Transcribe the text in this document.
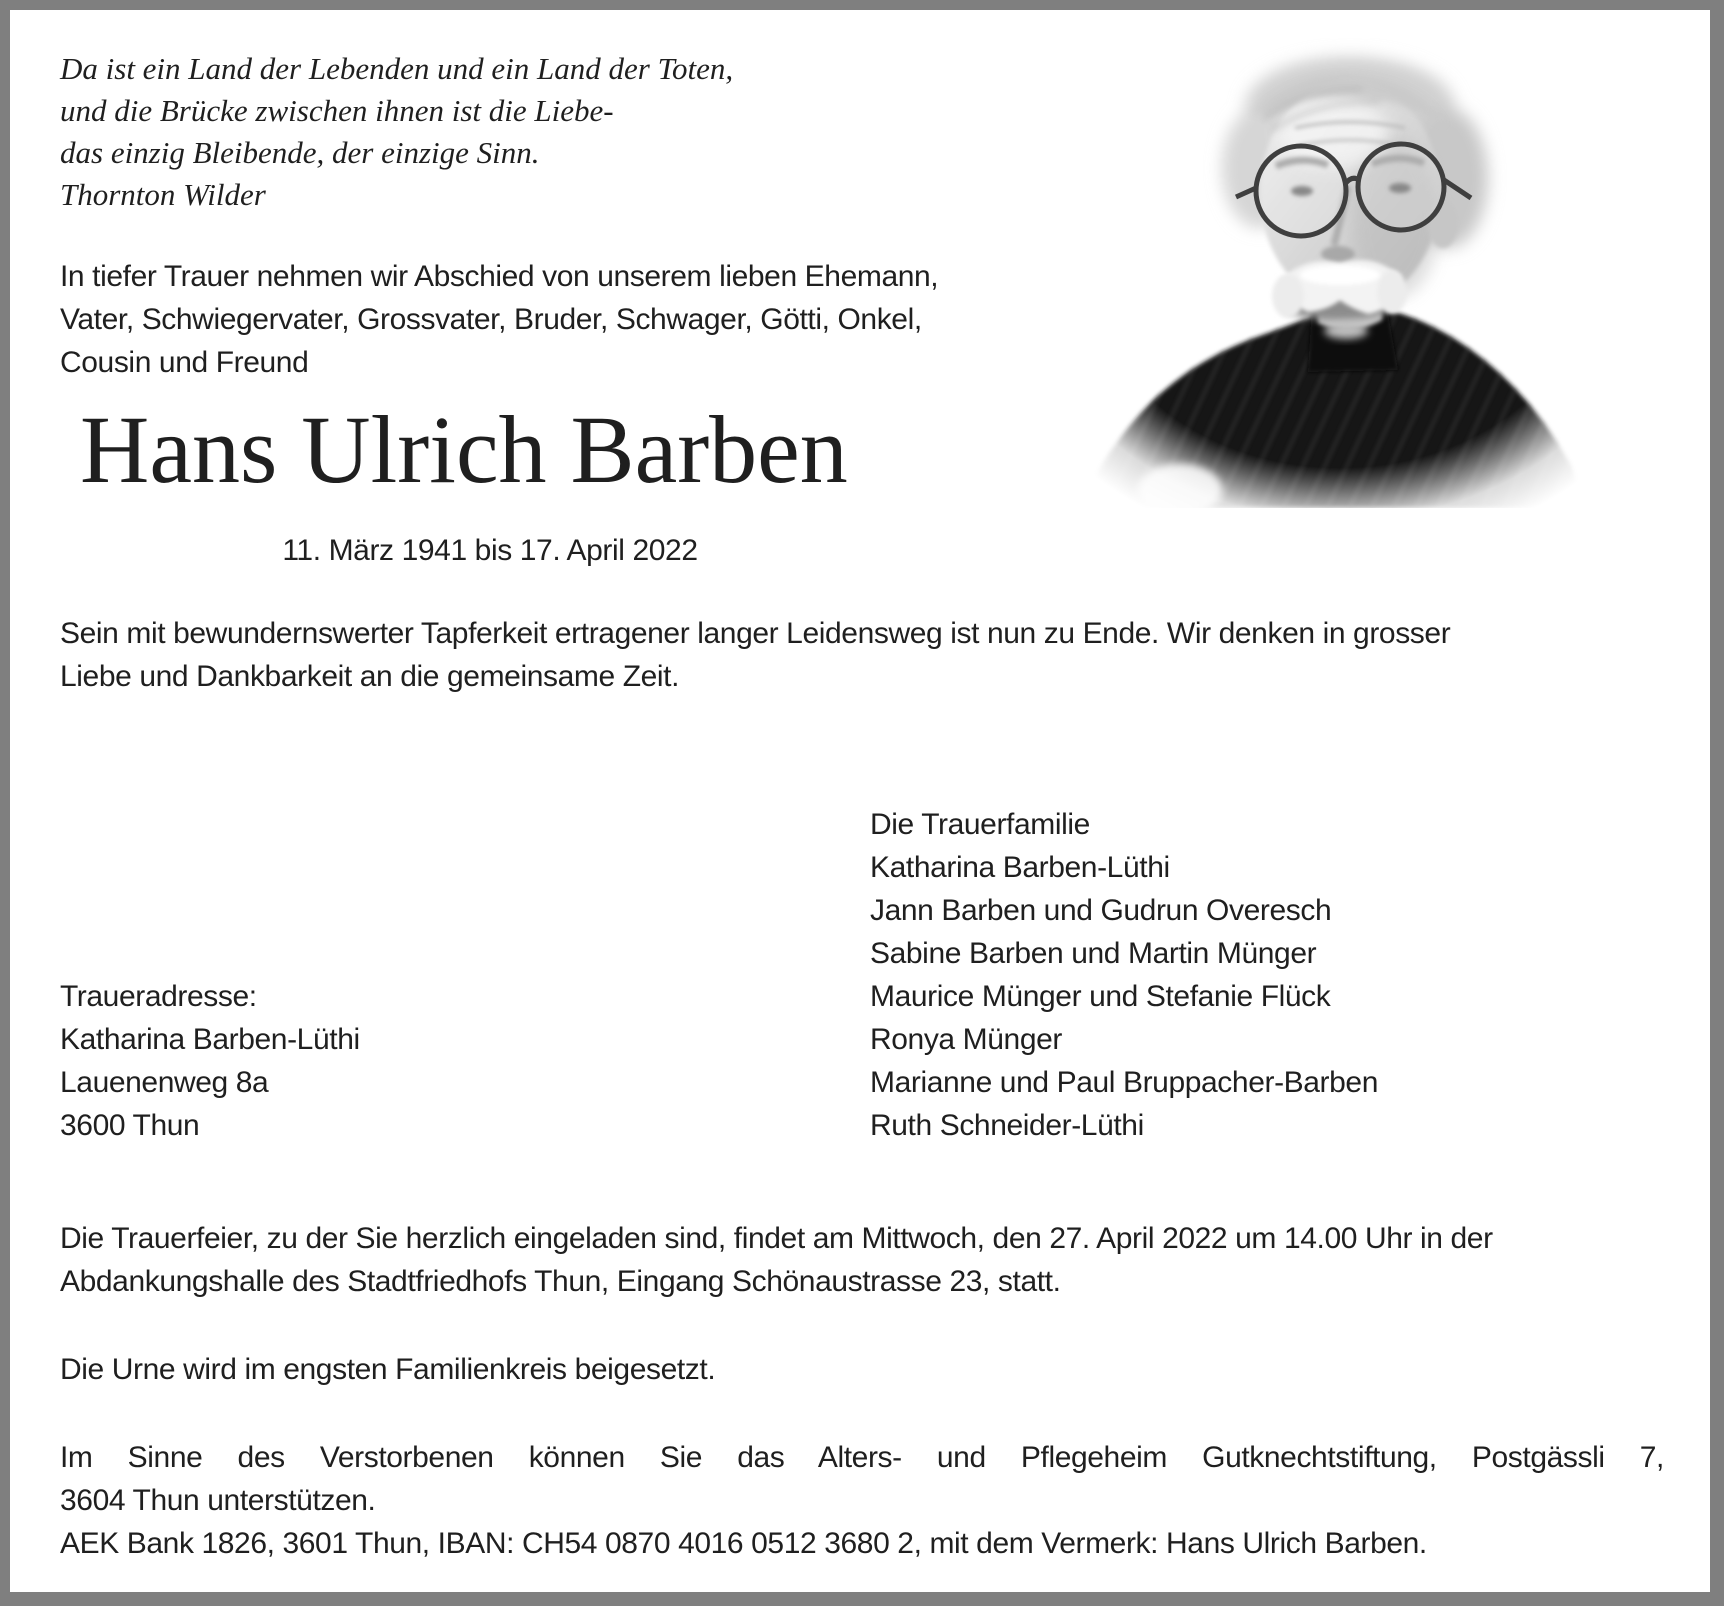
Da ist ein Land der Lebenden und ein Land der Toten,
und die Brücke zwischen ihnen ist die Liebe-
das einzig Bleibende, der einzige Sinn.
Thornton Wilder
In tiefer Trauer nehmen wir Abschied von unserem lieben Ehemann,
Vater, Schwiegervater, Grossvater, Bruder, Schwager, Götti, Onkel,
Cousin und Freund
Hans Ulrich Barben
11. März 1941 bis 17. April 2022
Sein mit bewundernswerter Tapferkeit ertragener langer Leidensweg ist nun zu Ende. Wir denken in grosser
Liebe und Dankbarkeit an die gemeinsame Zeit.
Traueradresse:
Katharina Barben-Lüthi
Lauenenweg 8a
3600 Thun
Die Trauerfamilie
Katharina Barben-Lüthi
Jann Barben und Gudrun Overesch
Sabine Barben und Martin Münger
Maurice Münger und Stefanie Flück
Ronya Münger
Marianne und Paul Bruppacher-Barben
Ruth Schneider-Lüthi
Die Trauerfeier, zu der Sie herzlich eingeladen sind, findet am Mittwoch, den 27. April 2022 um 14.00 Uhr in der
Abdankungshalle des Stadtfriedhofs Thun, Eingang Schönaustrasse 23, statt.
Die Urne wird im engsten Familienkreis beigesetzt.
Im Sinne des Verstorbenen können Sie das Alters- und Pflegeheim Gutknechtstiftung, Postgässli 7,
3604 Thun unterstützen.
AEK Bank 1826, 3601 Thun, IBAN: CH54 0870 4016 0512 3680 2, mit dem Vermerk: Hans Ulrich Barben.
